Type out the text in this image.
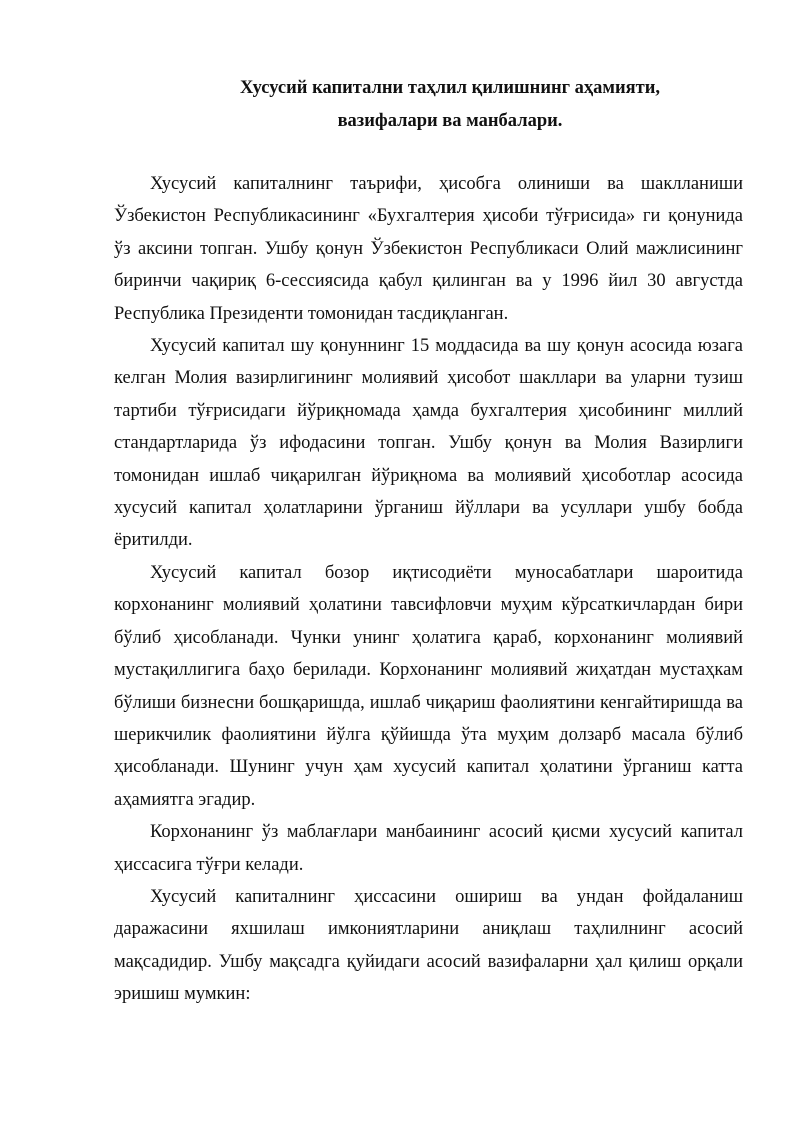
Хусусий капитални таҳлил қилишнинг аҳамияти,
вазифалари ва манбалари.

Хусусий капиталнинг таърифи, ҳисобга олиниши ва шаклланиши Ўзбекистон Республикасининг «Бухгалтерия ҳисоби тўғрисида» ги қонунида ўз аксини топган. Ушбу қонун Ўзбекистон Республикаси Олий мажлисининг биринчи чақириқ 6-сессиясида қабул қилинган ва у 1996 йил 30 августда Республика Президенти томонидан тасдиқланган.

Хусусий капитал шу қонуннинг 15 моддасида ва шу қонун асосида юзага келган Молия вазирлигининг молиявий ҳисобот шакллари ва уларни тузиш тартиби тўғрисидаги йўриқномада ҳамда бухгалтерия ҳисобининг миллий стандартларида ўз ифодасини топган. Ушбу қонун ва Молия Вазирлиги томонидан ишлаб чиқарилган йўриқнома ва молиявий ҳисоботлар асосида хусусий капитал ҳолатларини ўрганиш йўллари ва усуллари ушбу бобда ёритилди.

Хусусий капитал бозор иқтисодиёти муносабатлари шароитида корхонанинг молиявий ҳолатини тавсифловчи муҳим кўрсаткичлардан бири бўлиб ҳисобланади. Чунки унинг ҳолатига қараб, корхонанинг молиявий мустақиллигига баҳо берилади. Корхонанинг молиявий жиҳатдан мустаҳкам бўлиши бизнесни бошқаришда, ишлаб чиқариш фаолиятини кенгайтиришда ва шерикчилик фаолиятини йўлга қўйишда ўта муҳим долзарб масала бўлиб ҳисобланади. Шунинг учун ҳам хусусий капитал ҳолатини ўрганиш катта аҳамиятга эгадир.

Корхонанинг ўз маблағлари манбаининг асосий қисми хусусий капитал ҳиссасига тўғри келади.

Хусусий капиталнинг ҳиссасини ошириш ва ундан фойдаланиш даражасини яхшилаш имкониятларини аниқлаш таҳлилнинг асосий мақсадидир. Ушбу мақсадга қуйидаги асосий вазифаларни ҳал қилиш орқали эришиш мумкин:
